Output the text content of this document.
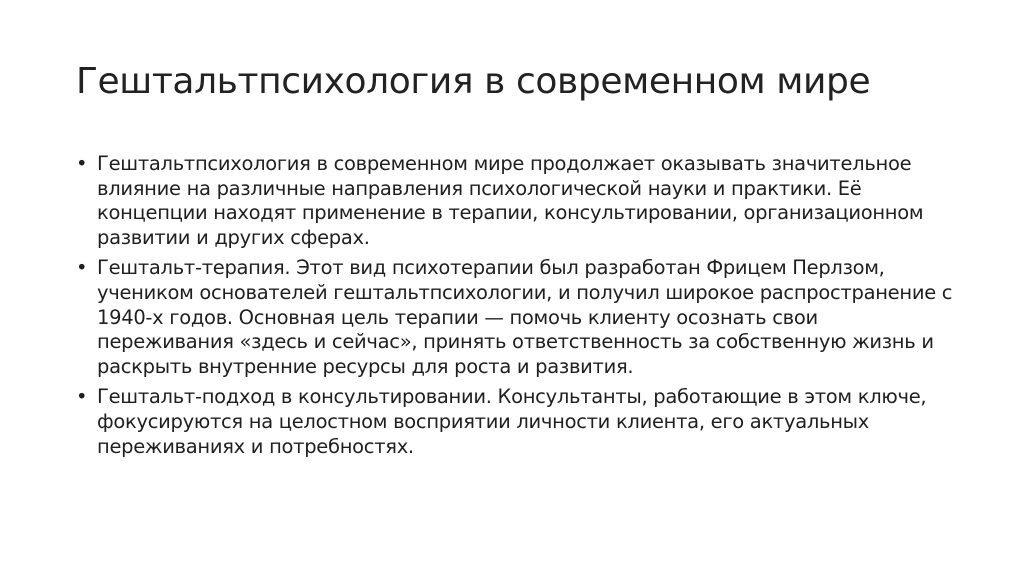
Гештальтпсихология в современном мире
• Гештальтпсихология в современном мире продолжает оказывать значительное влияние на различные направления психологической науки и практики. Её концепции находят применение в терапии, консультировании, организационном развитии и других сферах.
• Гештальт-терапия. Этот вид психотерапии был разработан Фрицем Перлзом, учеником основателей гештальтпсихологии, и получил широкое распространение с 1940-х годов. Основная цель терапии — помочь клиенту осознать свои переживания «здесь и сейчас», принять ответственность за собственную жизнь и раскрыть внутренние ресурсы для роста и развития.
• Гештальт-подход в консультировании. Консультанты, работающие в этом ключе, фокусируются на целостном восприятии личности клиента, его актуальных переживаниях и потребностях.
